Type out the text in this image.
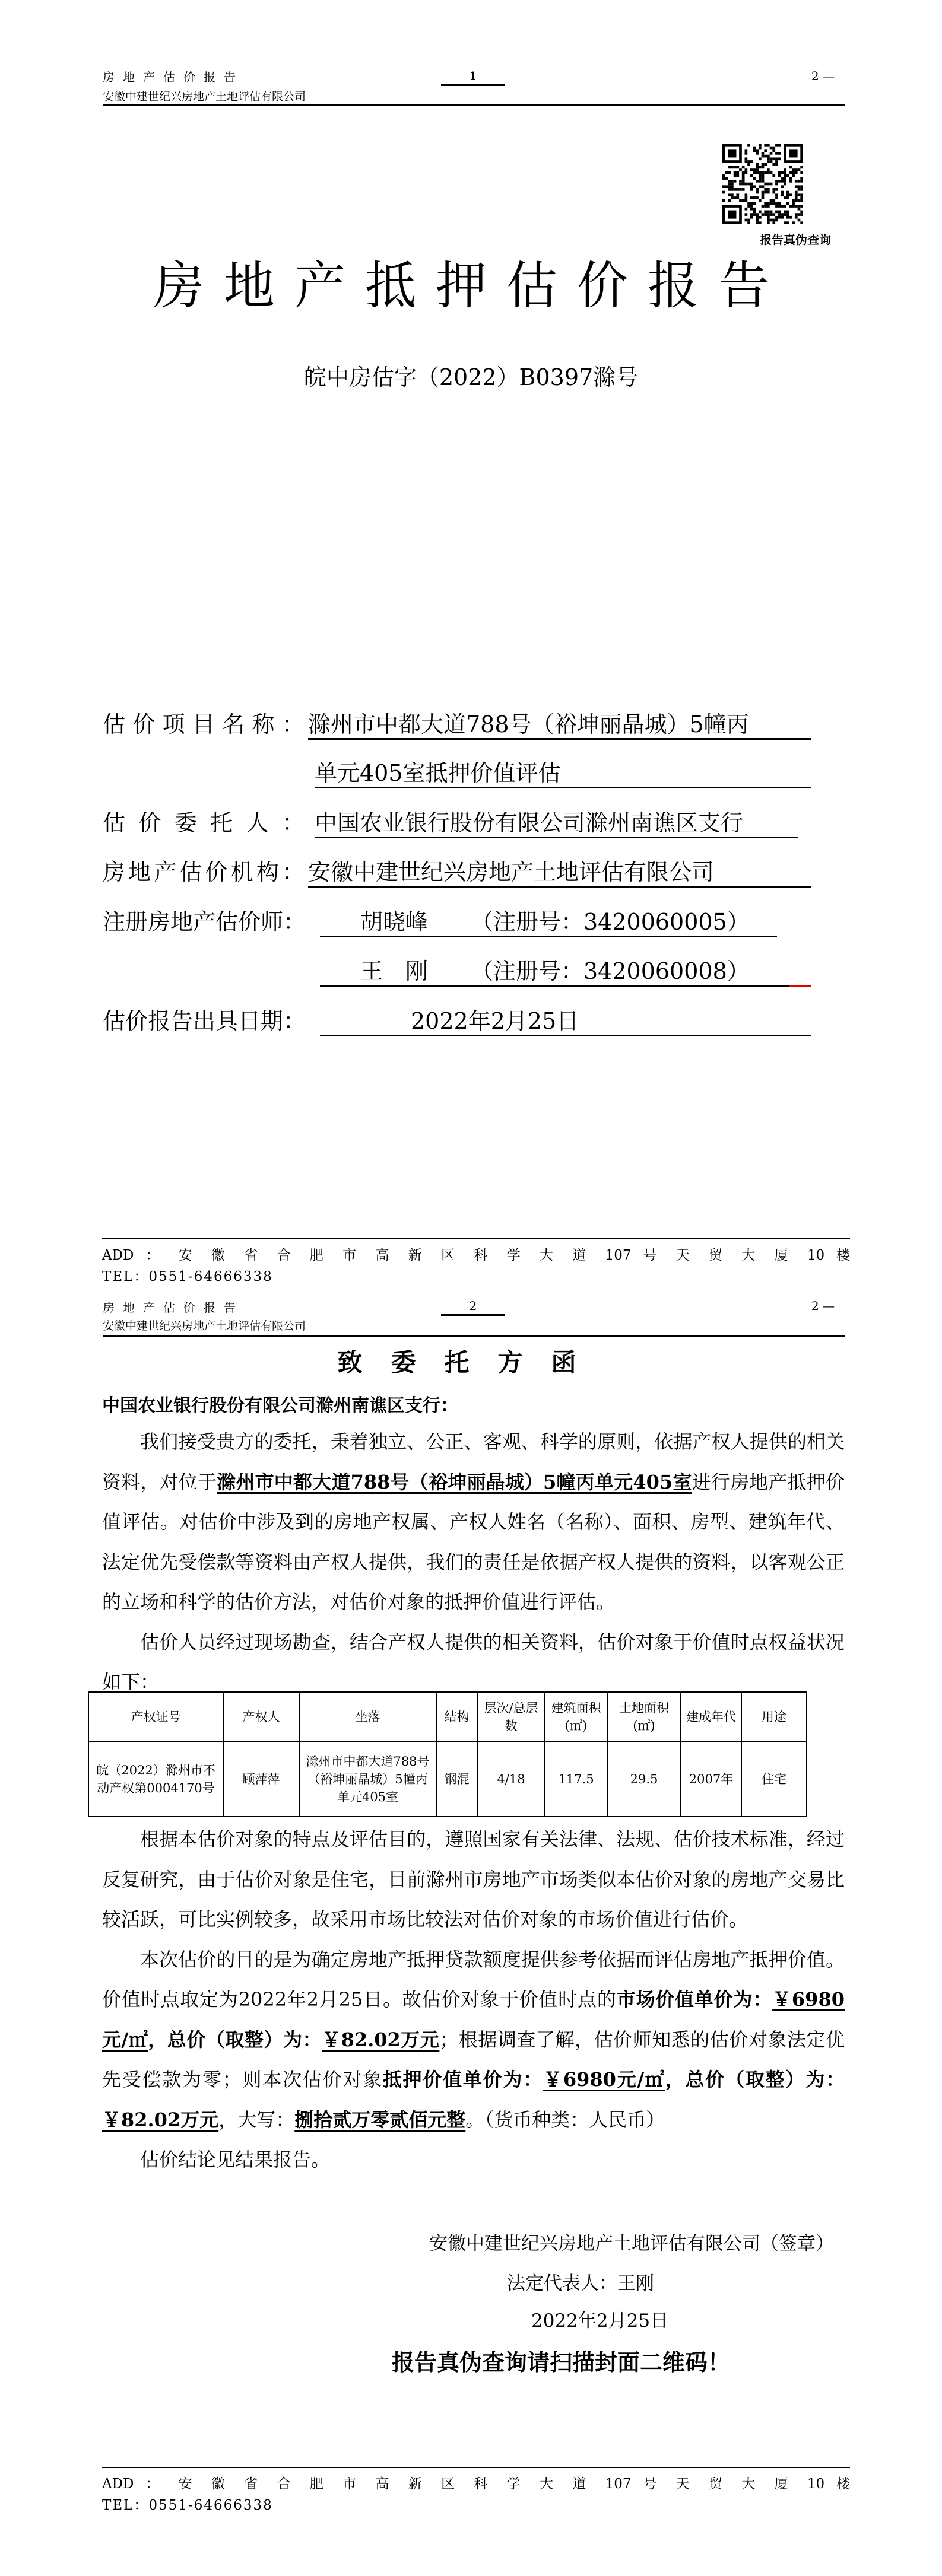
房地产估价报告
安徽中建世纪兴房地产土地评估有限公司
1	2 —
报告真伪查询
房地产抵押估价报告
皖中房估字（2022）B0397滁号
估价项目名称： 滁州市中都大道788号（裕坤丽晶城）5幢丙
单元405室抵押价值评估
估价委托人： 中国农业银行股份有限公司滁州南谯区支行
房地产估价机构： 安徽中建世纪兴房地产土地评估有限公司
注册房地产估价师： 胡晓峰 （注册号：3420060005）
王　刚 （注册号：3420060008）
估价报告出具日期：	2022年2月25日
ADD ： 安 徽 省 合 肥 市 高 新 区 科 学 大 道 107 号 天 贸 大 厦 10 楼
TEL：0551-64666338
房地产估价报告
安徽中建世纪兴房地产土地评估有限公司
2	2 —
致委托方函
中国农业银行股份有限公司滁州南谯区支行：

我们接受贵方的委托，秉着独立、公正、客观、科学的原则，依据产权人提供的相关资料，对位于滁州市中都大道788号（裕坤丽晶城）5幢丙单元405室进行房地产抵押价值评估。对估价中涉及到的房地产权属、产权人姓名（名称）、面积、房型、建筑年代、法定优先受偿款等资料由产权人提供，我们的责任是依据产权人提供的资料，以客观公正的立场和科学的估价方法，对估价对象的抵押价值进行评估。

估价人员经过现场勘查，结合产权人提供的相关资料，估价对象于价值时点权益状况如下：

产权证号	产权人	坐落	结构	层次/总层数	建筑面积(㎡)	土地面积(㎡)	建成年代	用途
皖（2022）滁州市不动产权第0004170号	顾萍萍	滁州市中都大道788号（裕坤丽晶城）5幢丙单元405室	钢混	4/18	117.5	29.5	2007年	住宅

根据本估价对象的特点及评估目的，遵照国家有关法律、法规、估价技术标准，经过反复研究，由于估价对象是住宅，目前滁州市房地产市场类似本估价对象的房地产交易比较活跃，可比实例较多，故采用市场比较法对估价对象的市场价值进行估价。

本次估价的目的是为确定房地产抵押贷款额度提供参考依据而评估房地产抵押价值。价值时点取定为2022年2月25日。故估价对象于价值时点的市场价值单价为：￥6980元/㎡，总价（取整）为：￥82.02万元；根据调查了解，估价师知悉的估价对象法定优先受偿款为零；则本次估价对象抵押价值单价为：￥6980元/㎡，总价（取整）为：￥82.02万元，大写：捌拾贰万零贰佰元整。（货币种类：人民币）

估价结论见结果报告。

安徽中建世纪兴房地产土地评估有限公司（签章）
法定代表人：王刚
2022年2月25日
报告真伪查询请扫描封面二维码！
ADD ： 安 徽 省 合 肥 市 高 新 区 科 学 大 道 107 号 天 贸 大 厦 10 楼
TEL：0551-64666338
